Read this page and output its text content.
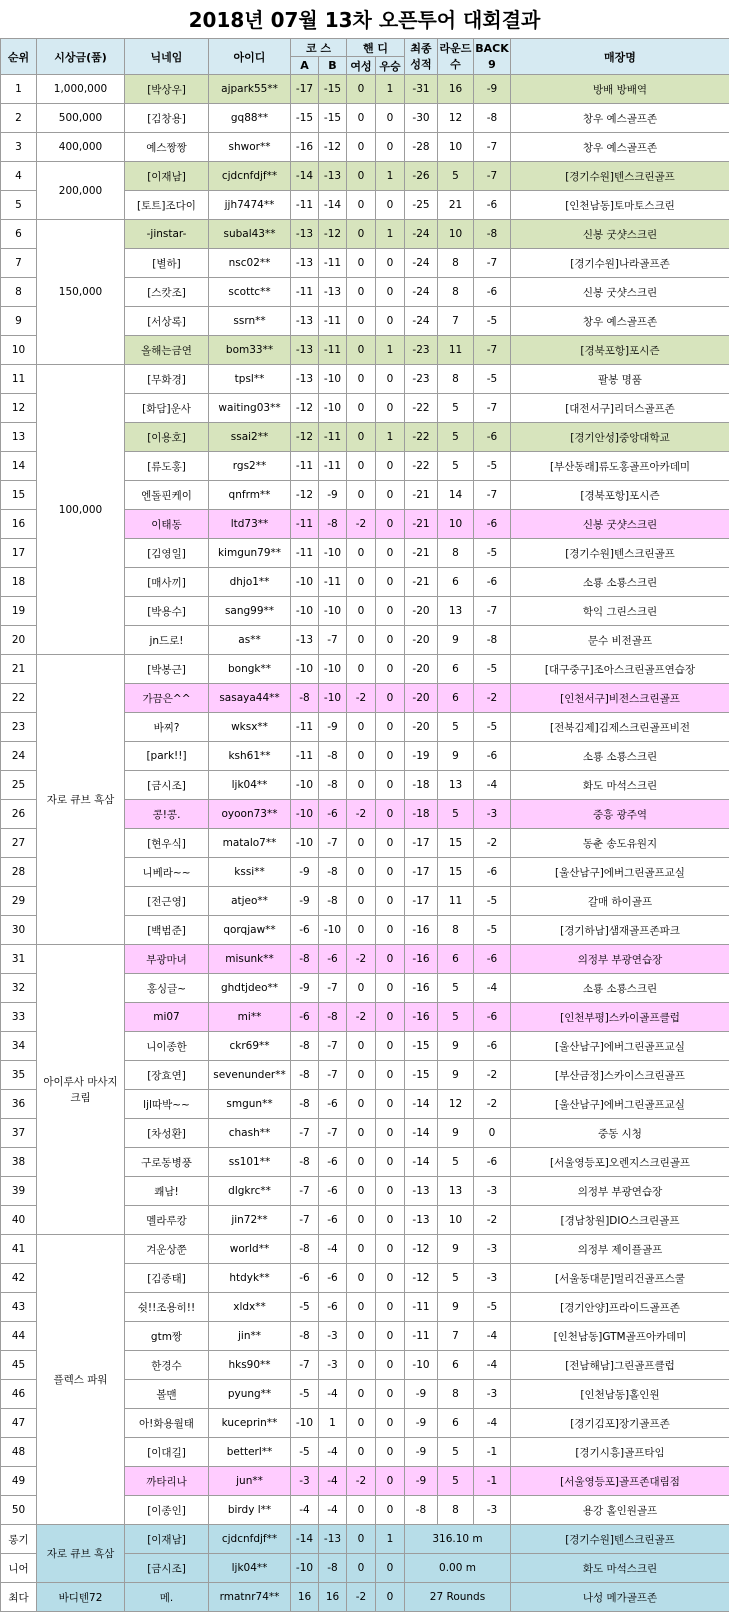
2018년 07월 13차 오픈투어 대회결과
순위	시상금(품)	닉네임	아이디	코 스		핸 디		최종 성적	라운드 수	BACK 9	매장명
				A	B	여성	우승				
1	1,000,000	[박상우]	ajpark55**	-17	-15	0	1	-31	16	-9	방배 방배역
2	500,000	[김창용]	gq88**	-15	-15	0	0	-30	12	-8	창우 예스골프존
3	400,000	예스짱짱	shwor**	-16	-12	0	0	-28	10	-7	창우 예스골프존
4	200,000	[이재남]	cjdcnfdjf**	-14	-13	0	1	-26	5	-7	[경기수원]텐스크린골프
5		[토트]조다이	jjh7474**	-11	-14	0	0	-25	21	-6	[인천남동]토마토스크린
6	150,000	-jinstar-	subal43**	-13	-12	0	1	-24	10	-8	신봉 굿샷스크린
7		[별하]	nsc02**	-13	-11	0	0	-24	8	-7	[경기수원]나라골프존
8		[스캇조]	scottc**	-11	-13	0	0	-24	8	-6	신봉 굿샷스크린
9		[서상록]	ssrn**	-13	-11	0	0	-24	7	-5	창우 예스골프존
10		올해는금연	bom33**	-13	-11	0	1	-23	11	-7	[경북포항]포시즌
11	100,000	[무화경]	tpsl**	-13	-10	0	0	-23	8	-5	팔봉 명품
12		[화담]운사	waiting03**	-12	-10	0	0	-22	5	-7	[대전서구]리더스골프존
13		[이용호]	ssai2**	-12	-11	0	1	-22	5	-6	[경기안성]중앙대학교
14		[류도홍]	rgs2**	-11	-11	0	0	-22	5	-5	[부산동래]류도홍골프아카데미
15		엔돌핀케이	qnfrm**	-12	-9	0	0	-21	14	-7	[경북포항]포시즌
16		이태동	ltd73**	-11	-8	-2	0	-21	10	-6	신봉 굿샷스크린
17		[김영일]	kimgun79**	-11	-10	0	0	-21	8	-5	[경기수원]텐스크린골프
18		[매사끼]	dhjo1**	-10	-11	0	0	-21	6	-6	소룡 소룡스크린
19		[박용수]	sang99**	-10	-10	0	0	-20	13	-7	학익 그린스크린
20		jn드로!	as**	-13	-7	0	0	-20	9	-8	문수 비전골프
21	자로 큐브 흑삼	[박봉근]	bongk**	-10	-10	0	0	-20	6	-5	[대구중구]조아스크린골프연습장
22		가끔은^^	sasaya44**	-8	-10	-2	0	-20	6	-2	[인천서구]비전스크린골프
23		바찌?	wksx**	-11	-9	0	0	-20	5	-5	[전북김제]김제스크린골프비전
24		[park!!]	ksh61**	-11	-8	0	0	-19	9	-6	소룡 소룡스크린
25		[금시조]	ljk04**	-10	-8	0	0	-18	13	-4	화도 마석스크린
26		콩!콩.	oyoon73**	-10	-6	-2	0	-18	5	-3	중흥 광주역
27		[현우식]	matalo7**	-10	-7	0	0	-17	15	-2	동춘 송도유원지
28		니베라~~	kssi**	-9	-8	0	0	-17	15	-6	[울산남구]에버그린골프교실
29		[전근영]	atjeo**	-9	-8	0	0	-17	11	-5	갈매 하이골프
30		[백범준]	qorqjaw**	-6	-10	0	0	-16	8	-5	[경기하남]샘재골프존파크
31	아이루사 마사지 크림	부광마녀	misunk**	-8	-6	-2	0	-16	6	-6	의정부 부광연습장
32		홍싱글~	ghdtjdeo**	-9	-7	0	0	-16	5	-4	소룡 소룡스크린
33		mi07	mi**	-6	-8	-2	0	-16	5	-6	[인천부평]스카이골프클럽
34		니이종한	ckr69**	-8	-7	0	0	-15	9	-6	[울산남구]에버그린골프교실
35		[장효연]	sevenunder**	-8	-7	0	0	-15	9	-2	[부산금정]스카이스크린골프
36		ljl따박~~	smgun**	-8	-6	0	0	-14	12	-2	[울산남구]에버그린골프교실
37		[차성환]	chash**	-7	-7	0	0	-14	9	0	중동 시청
38		구로동병풍	ss101**	-8	-6	0	0	-14	5	-6	[서울영등포]오렌지스크린골프
39		쾌남!	dlgkrc**	-7	-6	0	0	-13	13	-3	의정부 부광연습장
40		멜라루캉	jin72**	-7	-6	0	0	-13	10	-2	[경남창원]DIO스크린골프
41	플렉스 파워	겨운상쭌	world**	-8	-4	0	0	-12	9	-3	의정부 제이플골프
42		[김종태]	htdyk**	-6	-6	0	0	-12	5	-3	[서울동대문]멀리건골프스쿨
43		쉿!!조용히!!	xldx**	-5	-6	0	0	-11	9	-5	[경기안양]프라이드골프존
44		gtm짱	jin**	-8	-3	0	0	-11	7	-4	[인천남동]GTM골프아카데미
45		한경수	hks90**	-7	-3	0	0	-10	6	-4	[전남해남]그린골프클럽
46		볼맨	pyung**	-5	-4	0	0	-9	8	-3	[인천남동]홀인원
47		아!화용월태	kuceprin**	-10	1	0	0	-9	6	-4	[경기김포]장기골프존
48		[이대길]	betterl**	-5	-4	0	0	-9	5	-1	[경기시흥]골프타임
49		까타리나	jun**	-3	-4	-2	0	-9	5	-1	[서울영등포]골프존대림점
50		[이종인]	birdy l**	-4	-4	0	0	-8	8	-3	용강 홀인원골프
롱기	자로 큐브 흑삼	[이재남]	cjdcnfdjf**	-14	-13	0	1	316.10 m			[경기수원]텐스크린골프
니어		[금시조]	ljk04**	-10	-8	0	0	0.00 m			화도 마석스크린
최다	바디텐72	메.	rmatnr74**	16	16	-2	0	27 Rounds			나성 메가골프존
